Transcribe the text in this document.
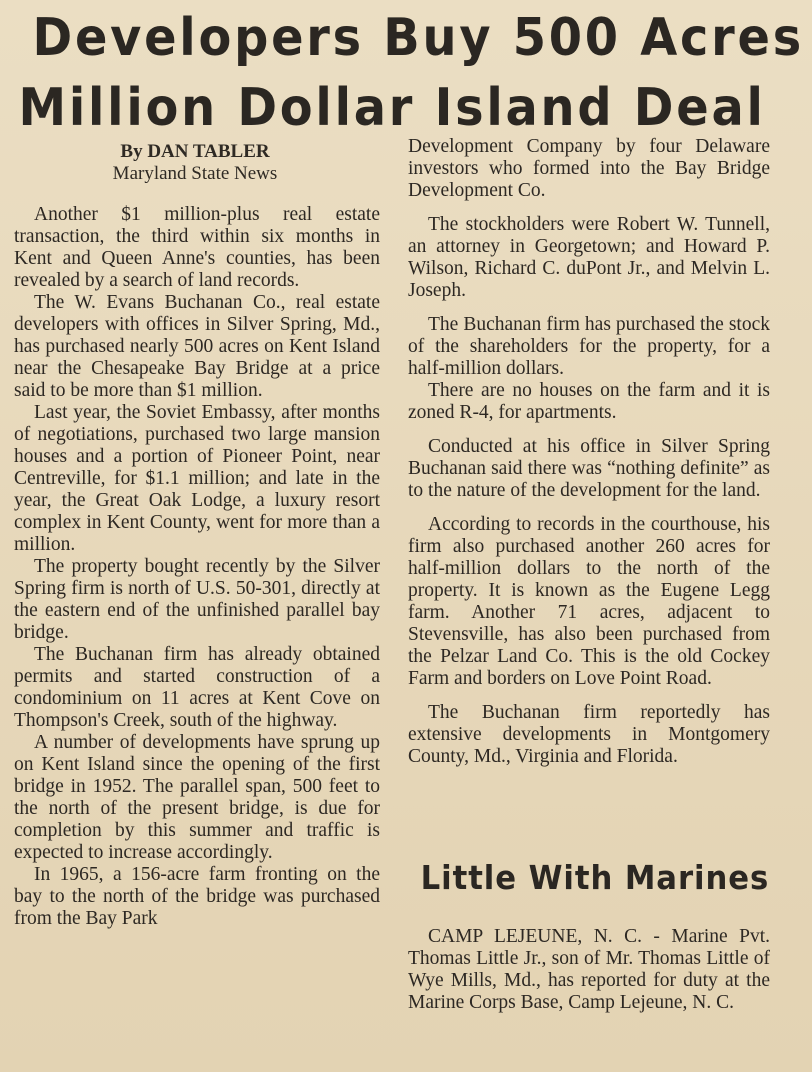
Developers Buy 500 Acres
Million Dollar Island Deal
By DAN TABLER
Maryland State News

Another $1 million-plus real estate transaction, the third within six months in Kent and Queen Anne's counties, has been revealed by a search of land records.

The W. Evans Buchanan Co., real estate developers with offices in Silver Spring, Md., has purchased nearly 500 acres on Kent Island near the Chesapeake Bay Bridge at a price said to be more than $1 million.

Last year, the Soviet Embassy, after months of negotiations, purchased two large mansion houses and a portion of Pioneer Point, near Centreville, for $1.1 million; and late in the year, the Great Oak Lodge, a luxury resort complex in Kent County, went for more than a million.

The property bought recently by the Silver Spring firm is north of U.S. 50-301, directly at the eastern end of the unfinished parallel bay bridge.

The Buchanan firm has already obtained permits and started construction of a condominium on 11 acres at Kent Cove on Thompson's Creek, south of the highway.

A number of developments have sprung up on Kent Island since the opening of the first bridge in 1952. The parallel span, 500 feet to the north of the present bridge, is due for completion by this summer and traffic is expected to increase accordingly.

In 1965, a 156-acre farm fronting on the bay to the north of the bridge was purchased from the Bay Park

Development Company by four Delaware investors who formed into the Bay Bridge Development Co.

The stockholders were Robert W. Tunnell, an attorney in Georgetown; and Howard P. Wilson, Richard C. duPont Jr., and Melvin L. Joseph.

The Buchanan firm has purchased the stock of the shareholders for the property, for a half-million dollars.

There are no houses on the farm and it is zoned R-4, for apartments.

Conducted at his office in Silver Spring Buchanan said there was “nothing definite” as to the nature of the development for the land.

According to records in the courthouse, his firm also purchased another 260 acres for half-million dollars to the north of the property. It is known as the Eugene Legg farm. Another 71 acres, adjacent to Stevensville, has also been purchased from the Pelzar Land Co. This is the old Cockey Farm and borders on Love Point Road.

The Buchanan firm reportedly has extensive developments in Montgomery County, Md., Virginia and Florida.

Little With Marines

CAMP LEJEUNE, N. C. - Marine Pvt. Thomas Little Jr., son of Mr. Thomas Little of Wye Mills, Md., has reported for duty at the Marine Corps Base, Camp Lejeune, N. C.
